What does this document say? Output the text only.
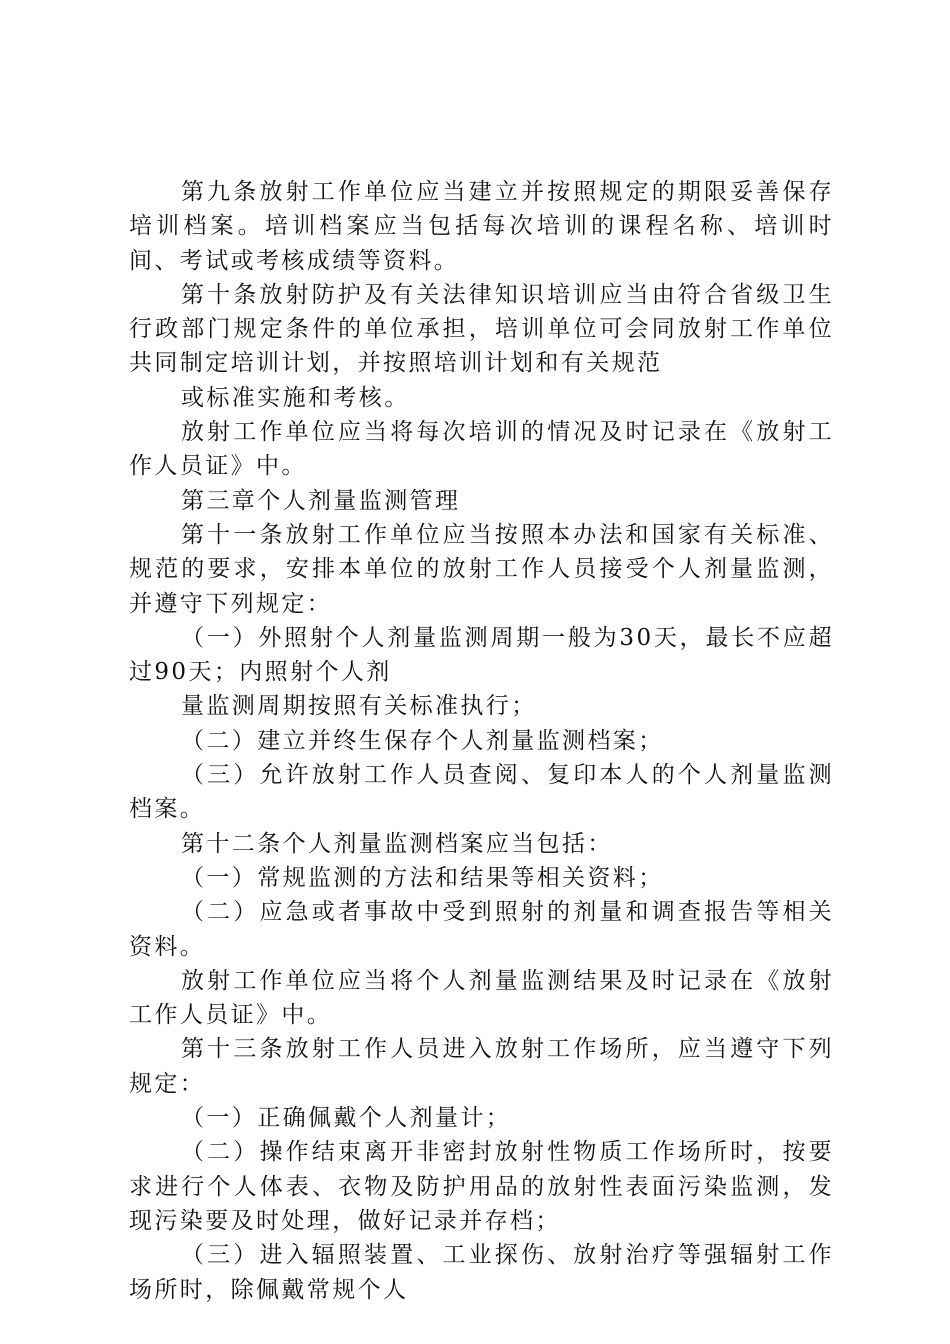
第九条放射工作单位应当建立并按照规定的期限妥善保存培训档案。培训档案应当包括每次培训的课程名称、培训时间、考试或考核成绩等资料。

第十条放射防护及有关法律知识培训应当由符合省级卫生行政部门规定条件的单位承担，培训单位可会同放射工作单位共同制定培训计划，并按照培训计划和有关规范

或标准实施和考核。

放射工作单位应当将每次培训的情况及时记录在《放射工作人员证》中。

第三章个人剂量监测管理

第十一条放射工作单位应当按照本办法和国家有关标准、规范的要求，安排本单位的放射工作人员接受个人剂量监测，并遵守下列规定：

（一）外照射个人剂量监测周期一般为30天，最长不应超过90天；内照射个人剂

量监测周期按照有关标准执行；

（二）建立并终生保存个人剂量监测档案；

（三）允许放射工作人员查阅、复印本人的个人剂量监测档案。

第十二条个人剂量监测档案应当包括：

（一）常规监测的方法和结果等相关资料；

（二）应急或者事故中受到照射的剂量和调查报告等相关资料。

放射工作单位应当将个人剂量监测结果及时记录在《放射工作人员证》中。

第十三条放射工作人员进入放射工作场所，应当遵守下列规定：

（一）正确佩戴个人剂量计；

（二）操作结束离开非密封放射性物质工作场所时，按要求进行个人体表、衣物及防护用品的放射性表面污染监测，发现污染要及时处理，做好记录并存档；

（三）进入辐照装置、工业探伤、放射治疗等强辐射工作场所时，除佩戴常规个人
